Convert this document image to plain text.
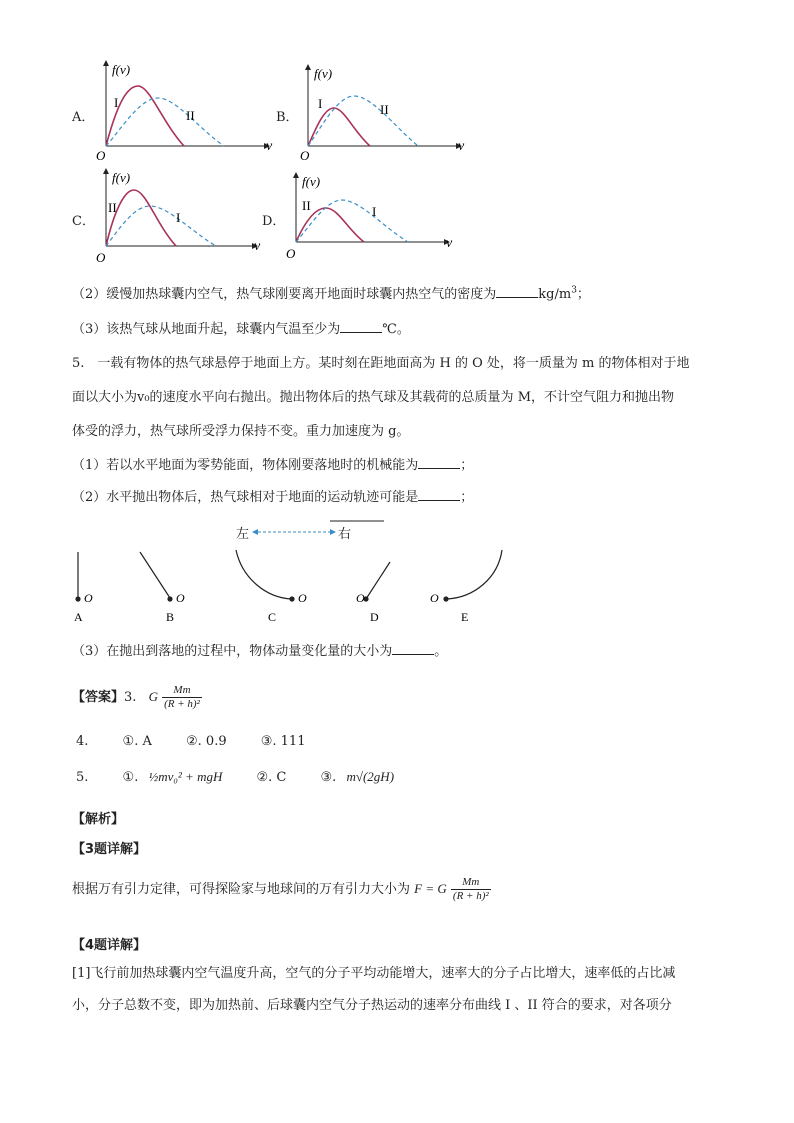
A．	B．
C．	D．
f(v)
I
II
O
v
f(v)
I	II
O
v
f(v)
II
I
O
v
f(v)
II	I
O
v
（2）缓慢加热球囊内空气，热气球刚要离开地面时球囊内热空气的密度为	$kg/m^3$；
（3）该热气球从地面升起，球囊内气温至少为	℃。
5.　一载有物体的热气球悬停于地面上方。某时刻在距地面高为 H 的 O 处，将一质量为 m 的物体相对于地
面以大小为v₀的速度水平向右抛出。抛出物体后的热气球及其载荷的总质量为 M，不计空气阻力和抛出物
体受的浮力，热气球所受浮力保持不变。重力加速度为 g。
（1）若以水平地面为零势能面，物体刚要落地时的机械能为	；
（2）水平抛出物体后，热气球相对于地面的运动轨迹可能是	；
左	右
O
A
O
B
O
C
O
D
O
E
（3）在抛出到落地的过程中，物体动量变化量的大小为	。
【答案】3. G $\frac{Mm}{\text{(R + h)²}}$
4.	①. A	②. 0.9	③. 111
5.	①. ½mv₀² + mgH	②. C	③. m√(2gH)
【解析】
【3题详解】
根据万有引力定律，可得探险家与地球间的万有引力大小为 F = G $\frac{Mm}{\text{(R + h)²}}$
【4题详解】
[1]飞行前加热球囊内空气温度升高，空气的分子平均动能增大，速率大的分子占比增大，速率低的占比减
小，分子总数不变，即为加热前、后球囊内空气分子热运动的速率分布曲线 I 、II 符合的要求，对各项分
